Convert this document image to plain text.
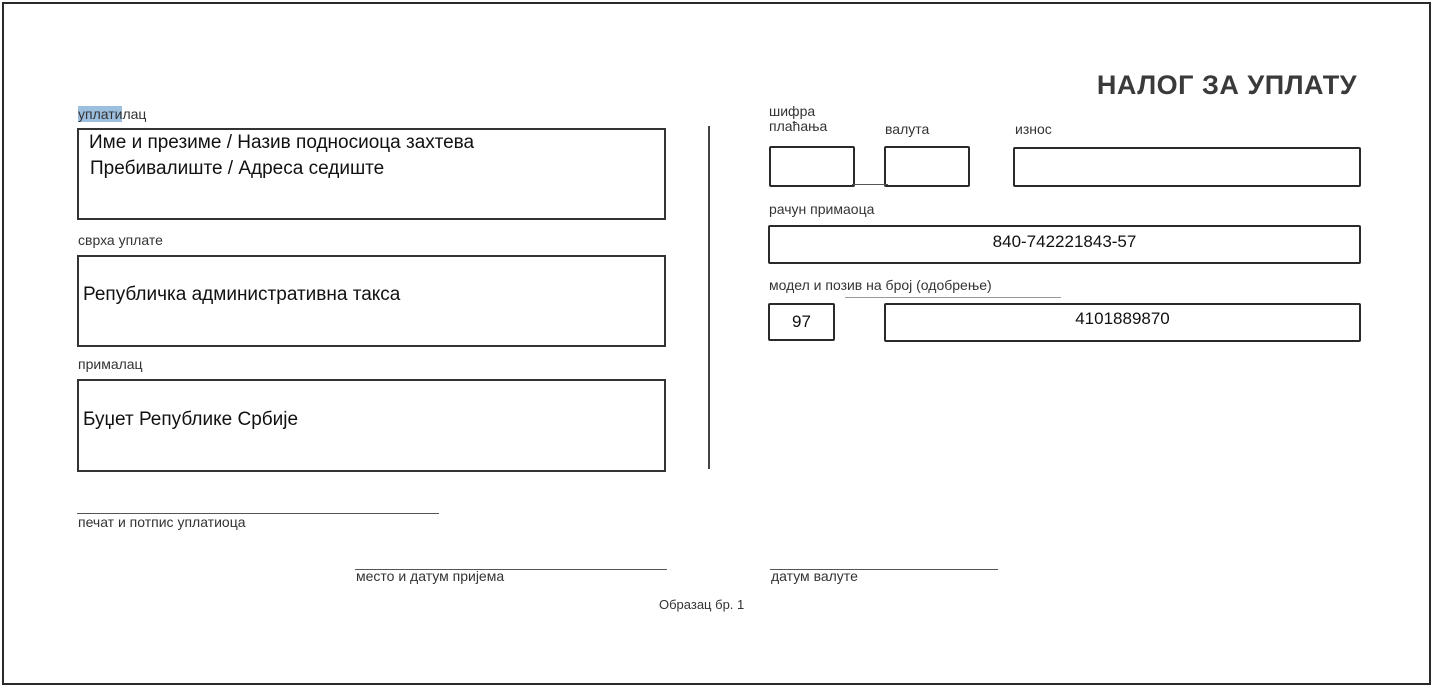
НАЛОГ ЗА УПЛАТУ
уплатилац
Име и презиме / Назив подносиоца захтева
Пребивалиште / Адреса седиште
сврха уплате
Републичка административна такса
прималац
Буџет Републике Србије
шифра
плаћања	валута	износ
рачун примаоца
840-742221843-57
модел и позив на број (одобрење)
97	4101889870
печат и потпис уплатиоца
место и датум пријема	датум валуте
Образац бр. 1
